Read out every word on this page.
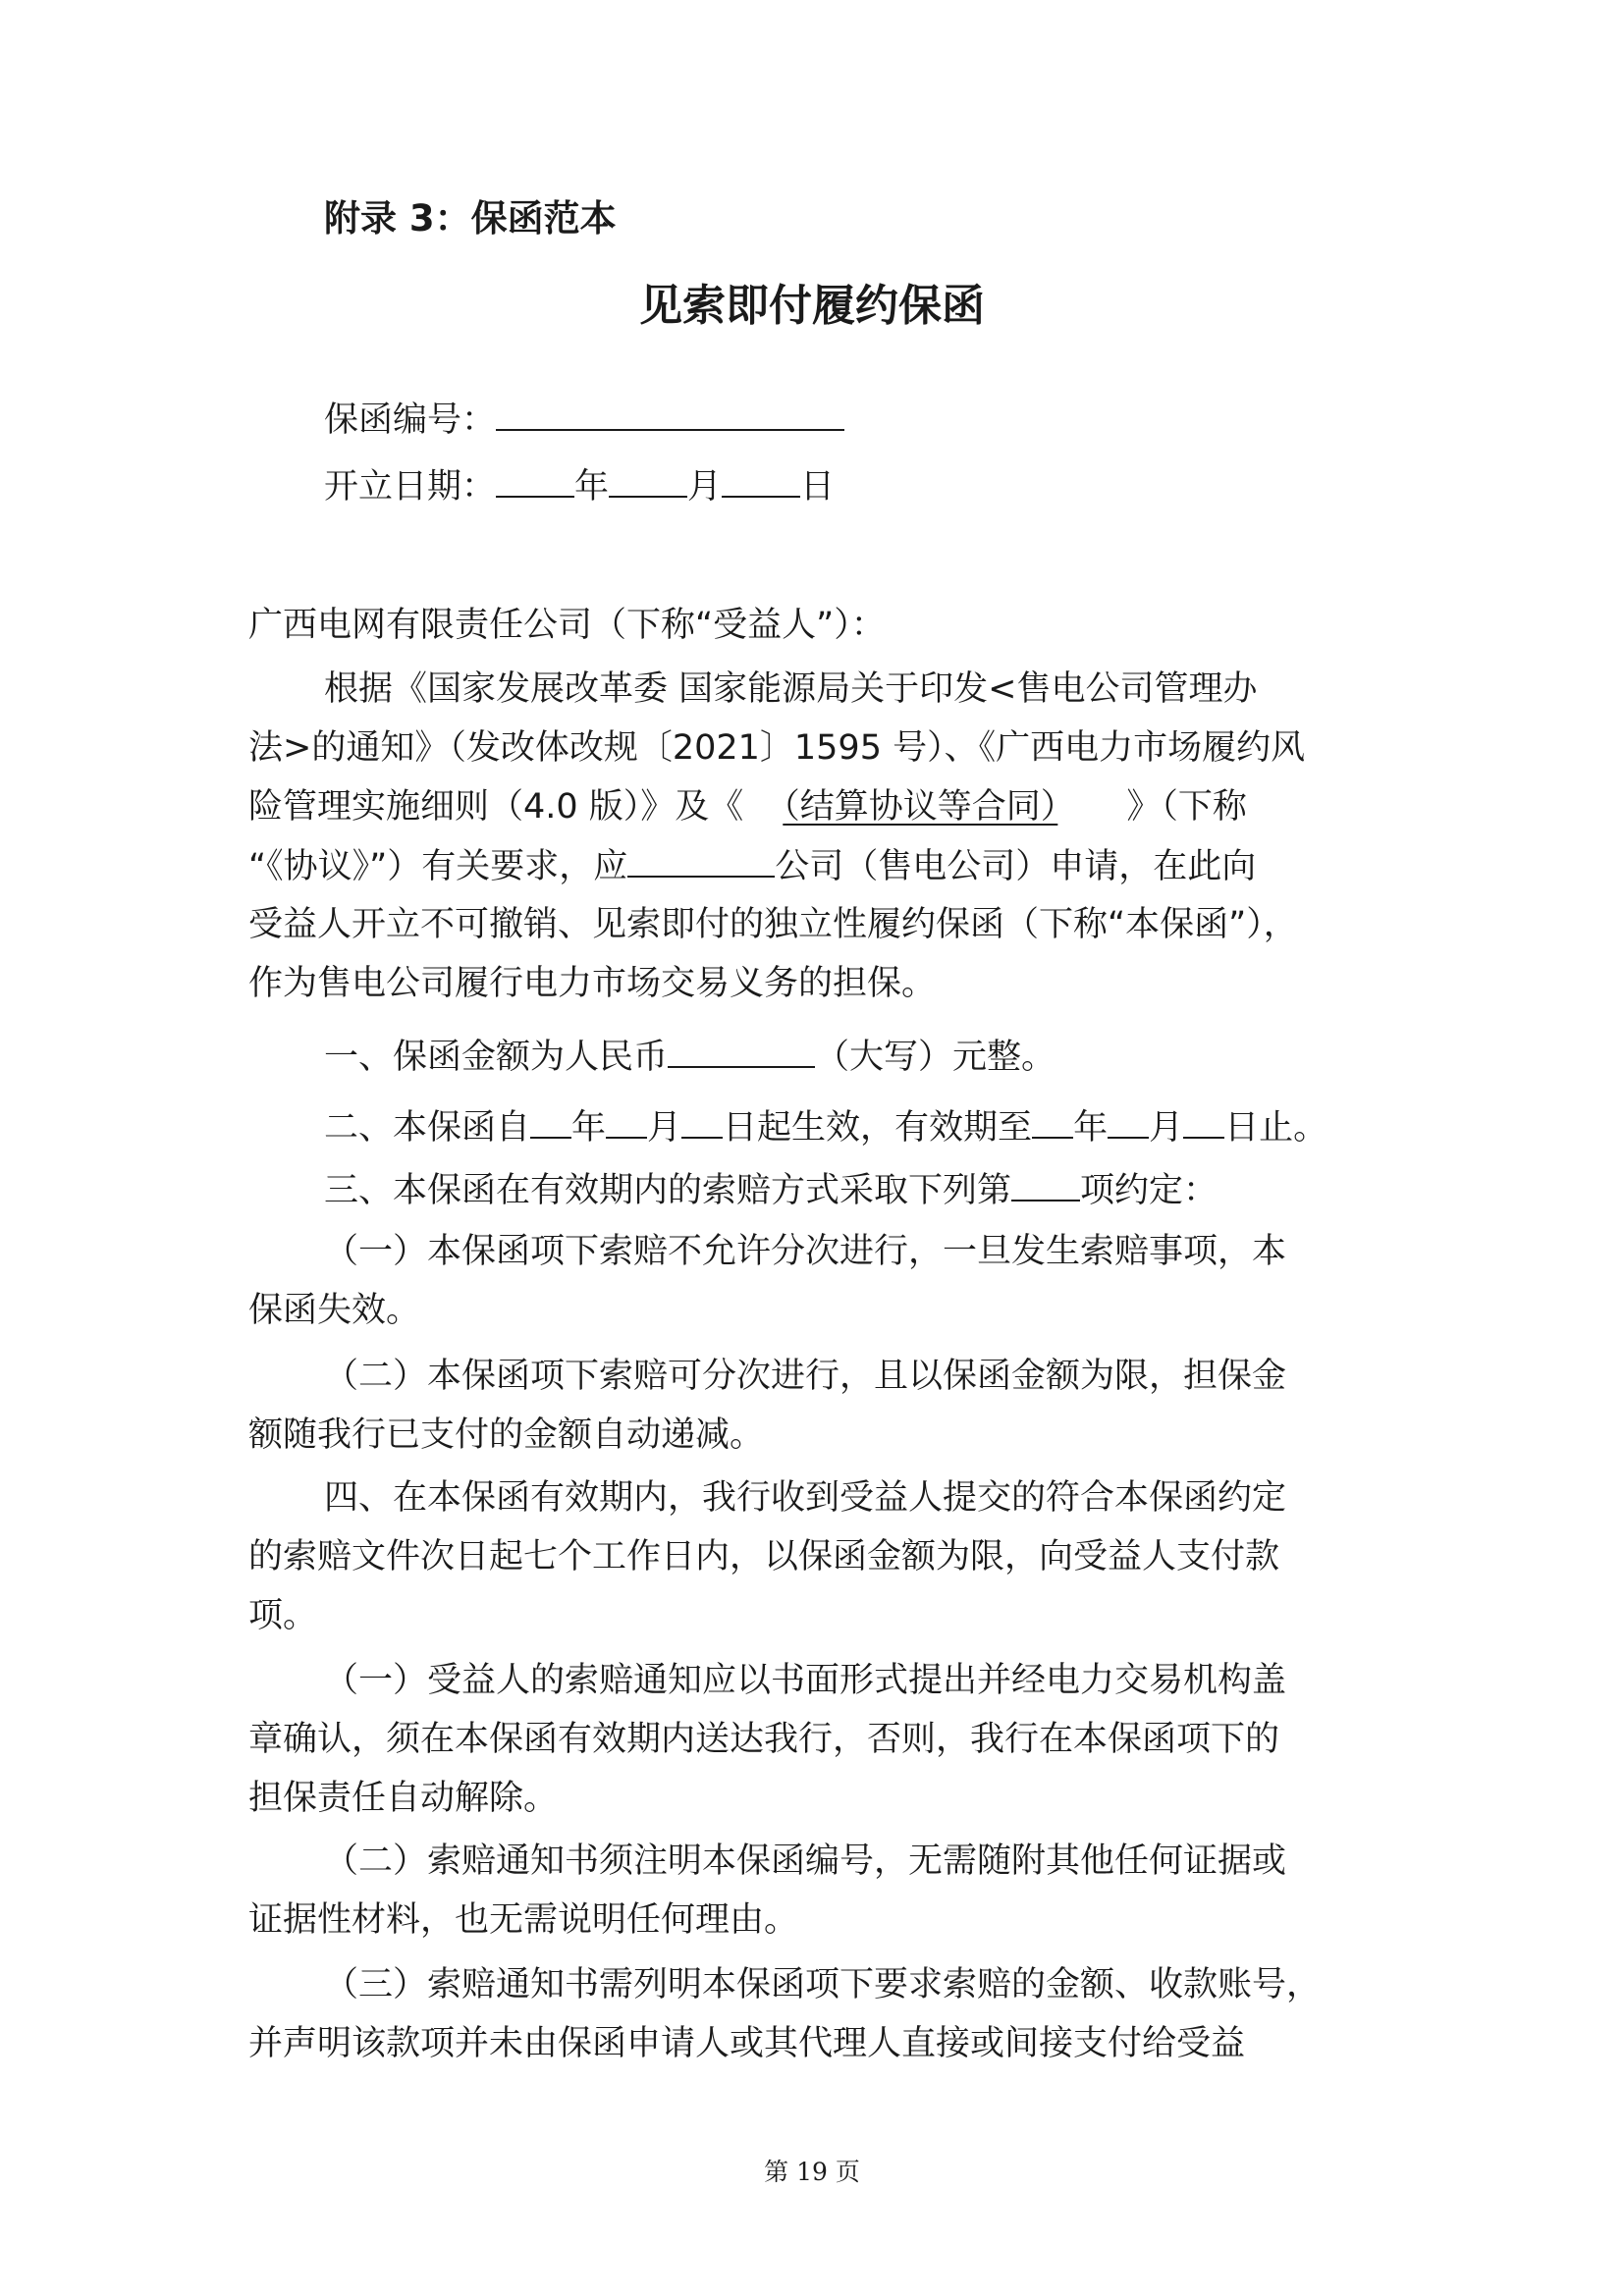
附录 3：保函范本
见索即付履约保函
保函编号：
开立日期： 年 月 日
广西电网有限责任公司（下称“受益人”）：
根据《国家发展改革委 国家能源局关于印发<售电公司管理办
法>的通知》（发改体改规〔2021〕1595 号）、《广西电力市场履约风
险管理实施细则（4.0 版）》及《 （结算协议等合同） 》（下称
“《协议》”）有关要求，应	公司（售电公司）申请，在此向
受益人开立不可撤销、见索即付的独立性履约保函（下称“本保函”），
作为售电公司履行电力市场交易义务的担保。
一、保函金额为人民币	（大写）元整。
二、本保函自 年 月 日起生效，有效期至 年 月 日止。
三、本保函在有效期内的索赔方式采取下列第 项约定：
（一）本保函项下索赔不允许分次进行，一旦发生索赔事项，本
保函失效。
（二）本保函项下索赔可分次进行，且以保函金额为限，担保金
额随我行已支付的金额自动递减。
四、在本保函有效期内，我行收到受益人提交的符合本保函约定
的索赔文件次日起七个工作日内，以保函金额为限，向受益人支付款
项。
（一）受益人的索赔通知应以书面形式提出并经电力交易机构盖
章确认，须在本保函有效期内送达我行，否则，我行在本保函项下的
担保责任自动解除。
（二）索赔通知书须注明本保函编号，无需随附其他任何证据或
证据性材料，也无需说明任何理由。
（三）索赔通知书需列明本保函项下要求索赔的金额、收款账号，
并声明该款项并未由保函申请人或其代理人直接或间接支付给受益
第 19 页
